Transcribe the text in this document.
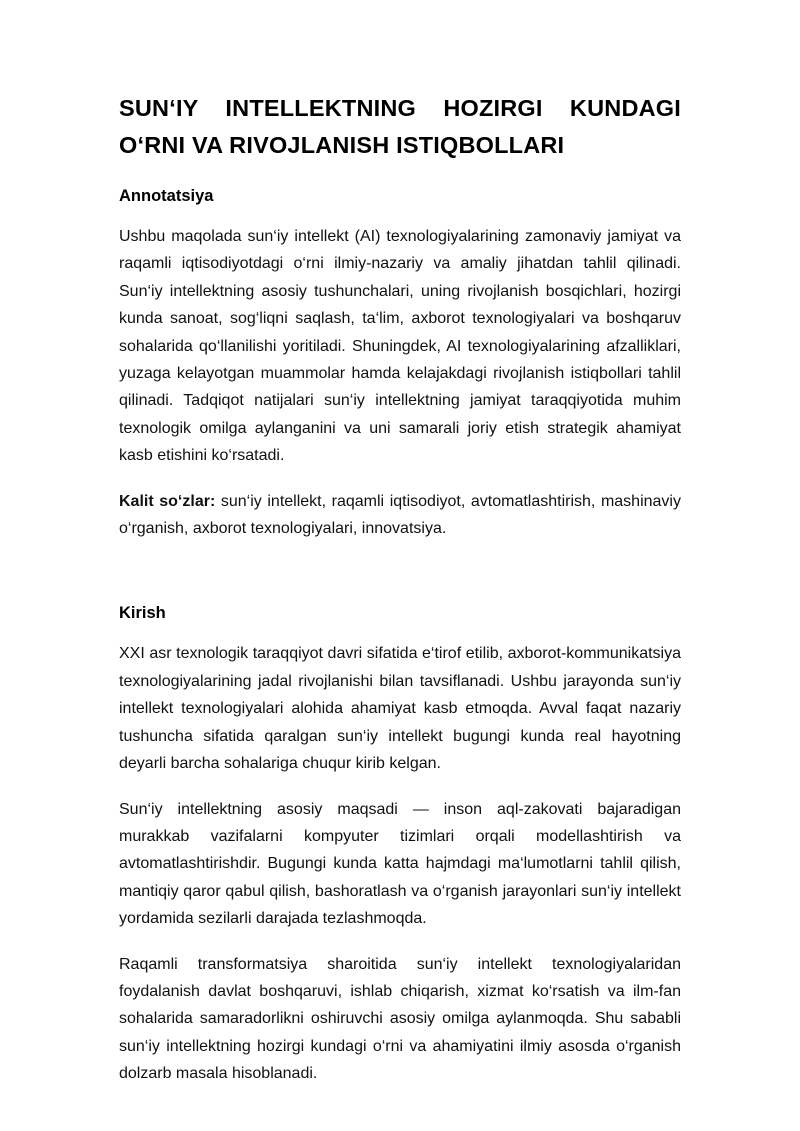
SUN‘IY INTELLEKTNING HOZIRGI KUNDAGI O‘RNI VA RIVOJLANISH ISTIQBOLLARI
Annotatsiya

Ushbu maqolada sun‘iy intellekt (AI) texnologiyalarining zamonaviy jamiyat va raqamli iqtisodiyotdagi o‘rni ilmiy-nazariy va amaliy jihatdan tahlil qilinadi. Sun‘iy intellektning asosiy tushunchalari, uning rivojlanish bosqichlari, hozirgi kunda sanoat, sog‘liqni saqlash, ta‘lim, axborot texnologiyalari va boshqaruv sohalarida qo‘llanilishi yoritiladi. Shuningdek, AI texnologiyalarining afzalliklari, yuzaga kelayotgan muammolar hamda kelajakdagi rivojlanish istiqbollari tahlil qilinadi. Tadqiqot natijalari sun‘iy intellektning jamiyat taraqqiyotida muhim texnologik omilga aylanganini va uni samarali joriy etish strategik ahamiyat kasb etishini ko‘rsatadi.

Kalit so‘zlar: sun‘iy intellekt, raqamli iqtisodiyot, avtomatlashtirish, mashinaviy o‘rganish, axborot texnologiyalari, innovatsiya.

Kirish

XXI asr texnologik taraqqiyot davri sifatida e‘tirof etilib, axborot-kommunikatsiya texnologiyalarining jadal rivojlanishi bilan tavsiflanadi. Ushbu jarayonda sun‘iy intellekt texnologiyalari alohida ahamiyat kasb etmoqda. Avval faqat nazariy tushuncha sifatida qaralgan sun‘iy intellekt bugungi kunda real hayotning deyarli barcha sohalariga chuqur kirib kelgan.

Sun‘iy intellektning asosiy maqsadi — inson aql-zakovati bajaradigan murakkab vazifalarni kompyuter tizimlari orqali modellashtirish va avtomatlashtirishdir. Bugungi kunda katta hajmdagi ma‘lumotlarni tahlil qilish, mantiqiy qaror qabul qilish, bashoratlash va o‘rganish jarayonlari sun‘iy intellekt yordamida sezilarli darajada tezlashmoqda.

Raqamli transformatsiya sharoitida sun‘iy intellekt texnologiyalaridan foydalanish davlat boshqaruvi, ishlab chiqarish, xizmat ko‘rsatish va ilm-fan sohalarida samaradorlikni oshiruvchi asosiy omilga aylanmoqda. Shu sababli sun‘iy intellektning hozirgi kundagi o‘rni va ahamiyatini ilmiy asosda o‘rganish dolzarb masala hisoblanadi.
